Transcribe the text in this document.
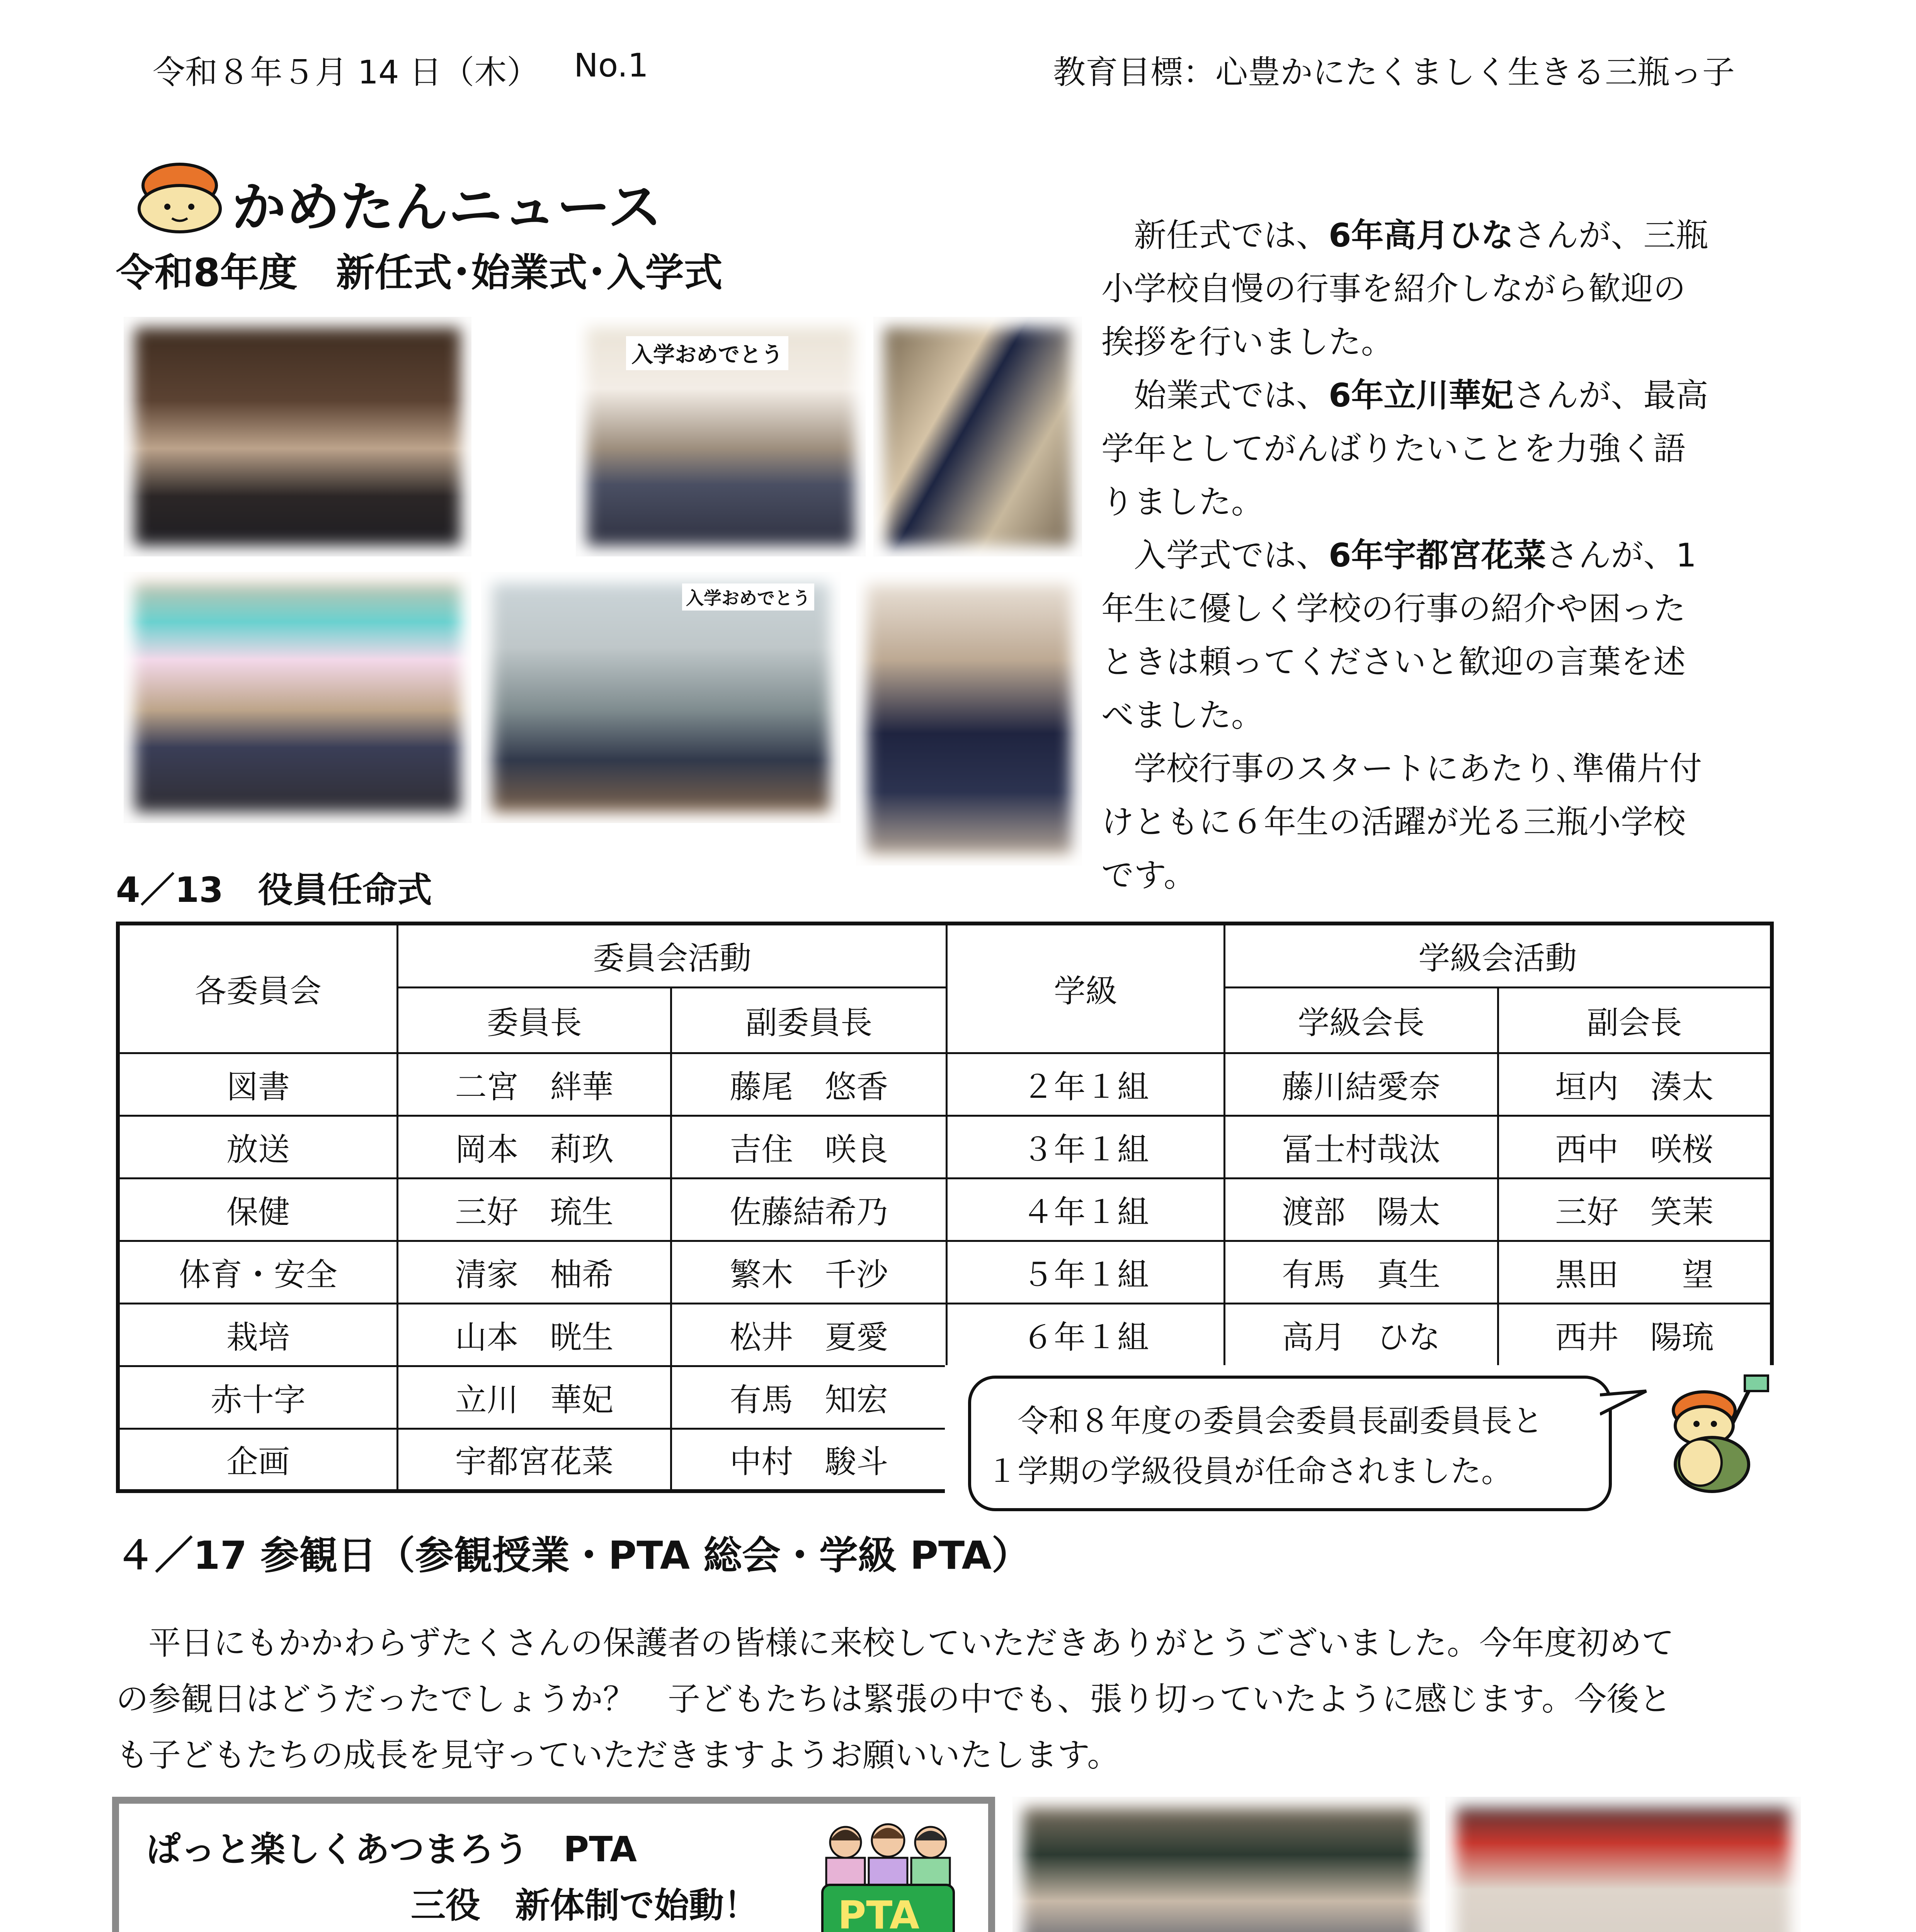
令和８年５月 14 日（木） No.1	教育目標：心豊かにたくましく生きる三瓶っ子
かめたんニュース
令和8年度　新任式･始業式･入学式
入学おめでとう
入学おめでとう
　新任式では、6年高月ひなさんが、三瓶
小学校自慢の行事を紹介しながら歓迎の
挨拶を行いました。
　始業式では、6年立川華妃さんが、最高
学年としてがんばりたいことを力強く語
りました。
　入学式では、6年宇都宮花菜さんが、1
年生に優しく学校の行事の紹介や困った
ときは頼ってくださいと歓迎の言葉を述
べました。
　学校行事のスタートにあたり､準備片付
けともに６年生の活躍が光る三瓶小学校
です。
4／13　役員任命式
各委員会	委員会活動		学級	学級会活動	
	委員長	副委員長		学級会長	副会長
図書	二宮　絆華	藤尾　悠香	２年１組	藤川結愛奈	垣内　湊太
放送	岡本　莉玖	吉住　咲良	３年１組	冨士村哉汰	西中　咲桜
保健	三好　琉生	佐藤結希乃	４年１組	渡部　陽太	三好　笑茉
体育・安全	清家　柚希	繁木　千沙	５年１組	有馬　真生	黒田　　望
栽培	山本　晄生	松井　夏愛	６年１組	高月　ひな	西井　陽琉
赤十字	立川　華妃	有馬　知宏			
企画	宇都宮花菜	中村　駿斗			
令和８年度の委員会委員長副委員長と
１学期の学級役員が任命されました。
４／17 参観日（参観授業・PTA 総会・学級 PTA）
　平日にもかかわらずたくさんの保護者の皆様に来校していただきありがとうございました。今年度初めて
の参観日はどうだったでしょうか？　子どもたちは緊張の中でも、張り切っていたように感じます。今後と
も子どもたちの成長を見守っていただきますようお願いいたします。
ぱっと楽しくあつまろう　PTA
三役　新体制で始動！ PTA
